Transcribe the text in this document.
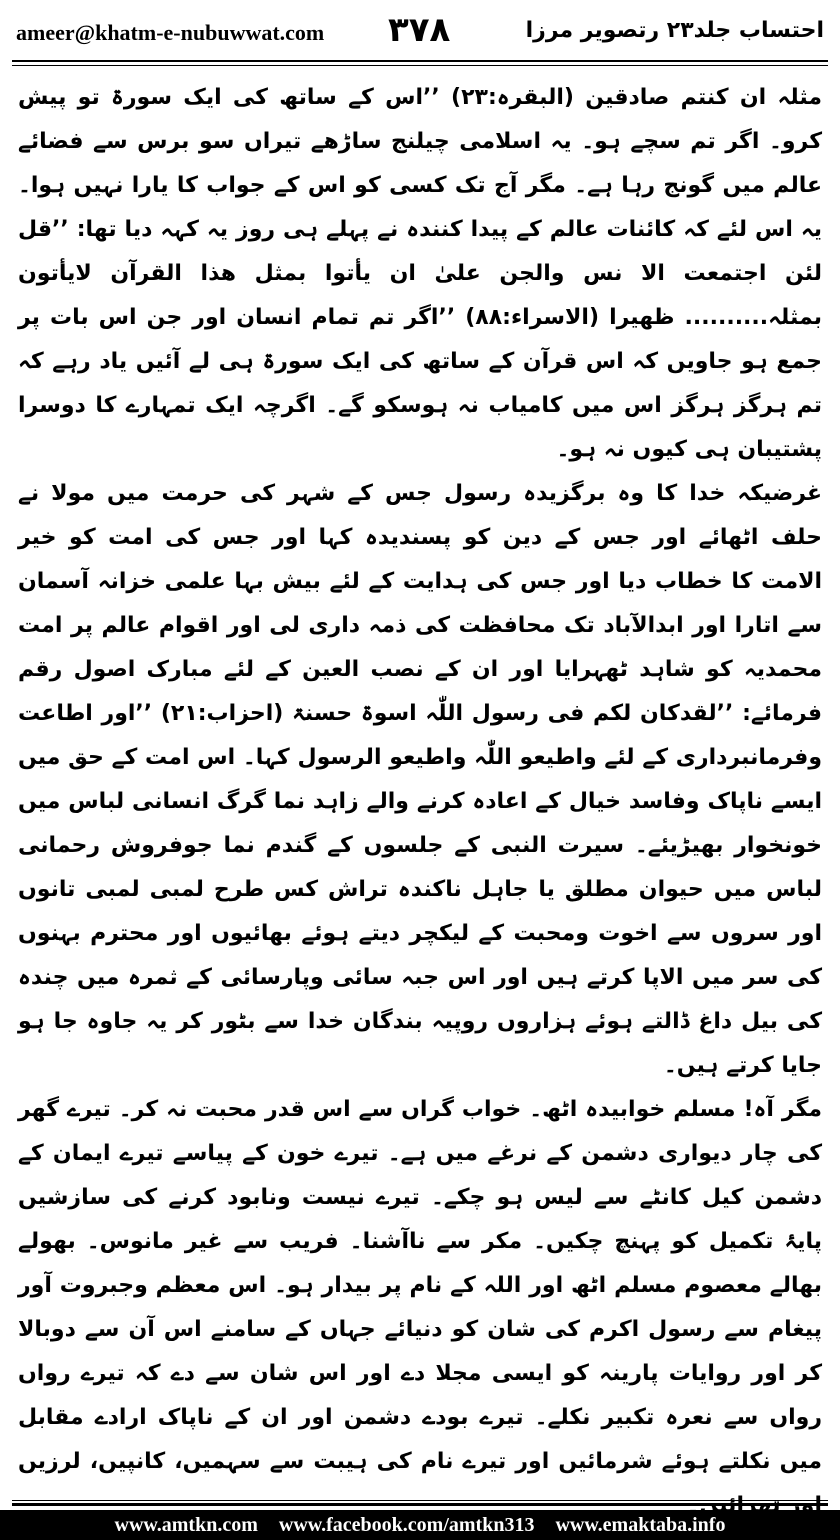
ameer@khatm-e-nubuwwat.com ۳۷۸	احتساب جلد۲۳ رتصویر مرزا

مثلہ ان کنتم صادقین (البقرہ:۲۳) ’’اس کے ساتھ کی ایک سورۃ تو پیش کرو۔ اگر تم سچے ہو۔ یہ اسلامی چیلنج ساڑھے تیراں سو برس سے فضائے عالم میں گونج رہا ہے۔ مگر آج تک کسی کو اس کے جواب کا یارا نہیں ہوا۔ یہ اس لئے کہ کائنات عالم کے پیدا کنندہ نے پہلے ہی روز یہ کہہ دیا تھا: ’’قل لئن اجتمعت الا نس والجن علیٰ ان یأتوا بمثل ھذا القرآن لایأتون بمثلہ.......... ظھیرا (الاسراء:۸۸) ’’اگر تم تمام انسان اور جن اس بات پر جمع ہو جاویں کہ اس قرآن کے ساتھ کی ایک سورۃ ہی لے آئیں یاد رہے کہ تم ہرگز ہرگز اس میں کامیاب نہ ہوسکو گے۔ اگرچہ ایک تمہارے کا دوسرا پشتیبان ہی کیوں نہ ہو۔

غرضیکہ خدا کا وہ برگزیدہ رسول جس کے شہر کی حرمت میں مولا نے حلف اٹھائے اور جس کے دین کو پسندیدہ کہا اور جس کی امت کو خیر الامت کا خطاب دیا اور جس کی ہدایت کے لئے بیش بہا علمی خزانہ آسمان سے اتارا اور ابدالآباد تک محافظت کی ذمہ داری لی اور اقوام عالم پر امت محمدیہ کو شاہد ٹھہرایا اور ان کے نصب العین کے لئے مبارک اصول رقم فرمائے: ’’لقدکان لکم فی رسول اللّٰہ اسوۃ حسنۃ (احزاب:۲۱) ’’اور اطاعت وفرمانبرداری کے لئے واطیعو اللّٰہ واطیعو الرسول کہا۔ اس امت کے حق میں ایسے ناپاک وفاسد خیال کے اعادہ کرنے والے زاہد نما گرگ انسانی لباس میں خونخوار بھیڑیئے۔ سیرت النبی کے جلسوں کے گندم نما جوفروش رحمانی لباس میں حیوان مطلق یا جاہل ناکندہ تراش کس طرح لمبی لمبی تانوں اور سروں سے اخوت ومحبت کے لیکچر دیتے ہوئے بھائیوں اور محترم بہنوں کی سر میں الاپا کرتے ہیں اور اس جبہ سائی وپارسائی کے ثمرہ میں چندہ کی بیل داغ ڈالتے ہوئے ہزاروں روپیہ بندگان خدا سے بٹور کر یہ جاوہ جا ہو جایا کرتے ہیں۔

مگر آہ! مسلم خوابیدہ اٹھ۔ خواب گراں سے اس قدر محبت نہ کر۔ تیرے گھر کی چار دیواری دشمن کے نرغے میں ہے۔ تیرے خون کے پیاسے تیرے ایمان کے دشمن کیل کانٹے سے لیس ہو چکے۔ تیرے نیست ونابود کرنے کی سازشیں پایۂ تکمیل کو پہنچ چکیں۔ مکر سے ناآشنا۔ فریب سے غیر مانوس۔ بھولے بھالے معصوم مسلم اٹھ اور اللہ کے نام پر بیدار ہو۔ اس معظم وجبروت آور پیغام سے رسول اکرم کی شان کو دنیائے جہاں کے سامنے اس آن سے دوبالا کر اور روایات پارینہ کو ایسی مجلا دے اور اس شان سے دے کہ تیرے رواں رواں سے نعرہ تکبیر نکلے۔ تیرے بودے دشمن اور ان کے ناپاک ارادے مقابل میں نکلتے ہوئے شرمائیں اور تیرے نام کی ہیبت سے سہمیں، کانپیں، لرزیں

www.amtkn.com www.facebook.com/amtkn313 www.emaktaba.info
